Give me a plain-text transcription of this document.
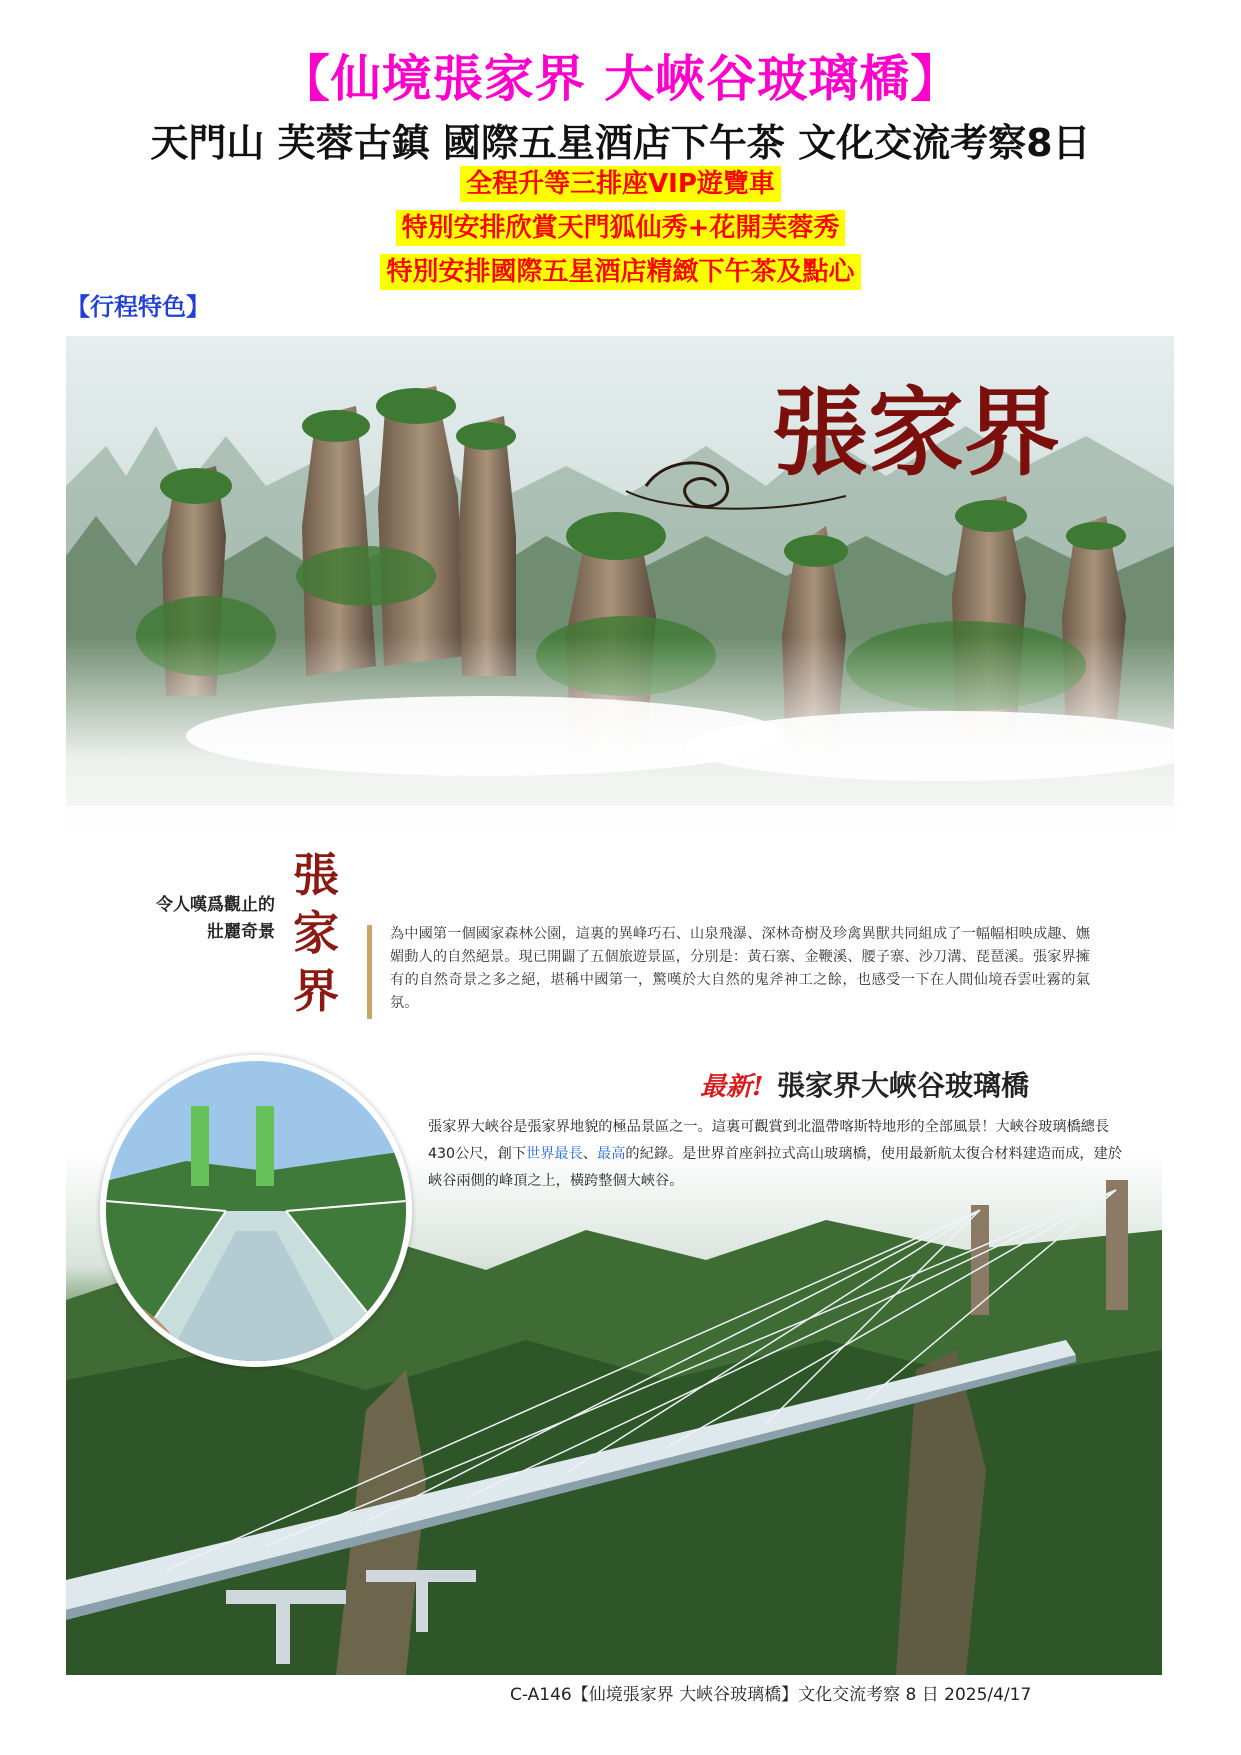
【仙境張家界 大峽谷玻璃橋】
天門山 芙蓉古鎮 國際五星酒店下午茶 文化交流考察8日
全程升等三排座VIP遊覽車
特別安排欣賞天門狐仙秀+花開芙蓉秀
特別安排國際五星酒店精緻下午茶及點心
【行程特色】
張家界
令人嘆爲觀止的
壯麗奇景
張家界
為中國第一個國家森林公園，這裏的異峰巧石、山泉飛瀑、深林奇樹及珍禽異獸共同組成了一幅幅相映成趣、嫵媚動人的自然絕景。現已開闢了五個旅遊景區，分別是：黃石寨、金鞭溪、腰子寨、沙刀溝、琵琶溪。張家界擁有的自然奇景之多之絕，堪稱中國第一，驚嘆於大自然的鬼斧神工之餘，也感受一下在人間仙境吞雲吐霧的氣氛。
最新! 張家界大峽谷玻璃橋
張家界大峽谷是張家界地貌的極品景區之一。這裏可觀賞到北溫帶喀斯特地形的全部風景！大峽谷玻璃橋總長430公尺，創下世界最長、最高的紀錄。是世界首座斜拉式高山玻璃橋，使用最新航太復合材料建造而成，建於峽谷兩側的峰頂之上，橫跨整個大峽谷。
C-A146【仙境張家界 大峽谷玻璃橋】文化交流考察 8 日 2025/4/17
